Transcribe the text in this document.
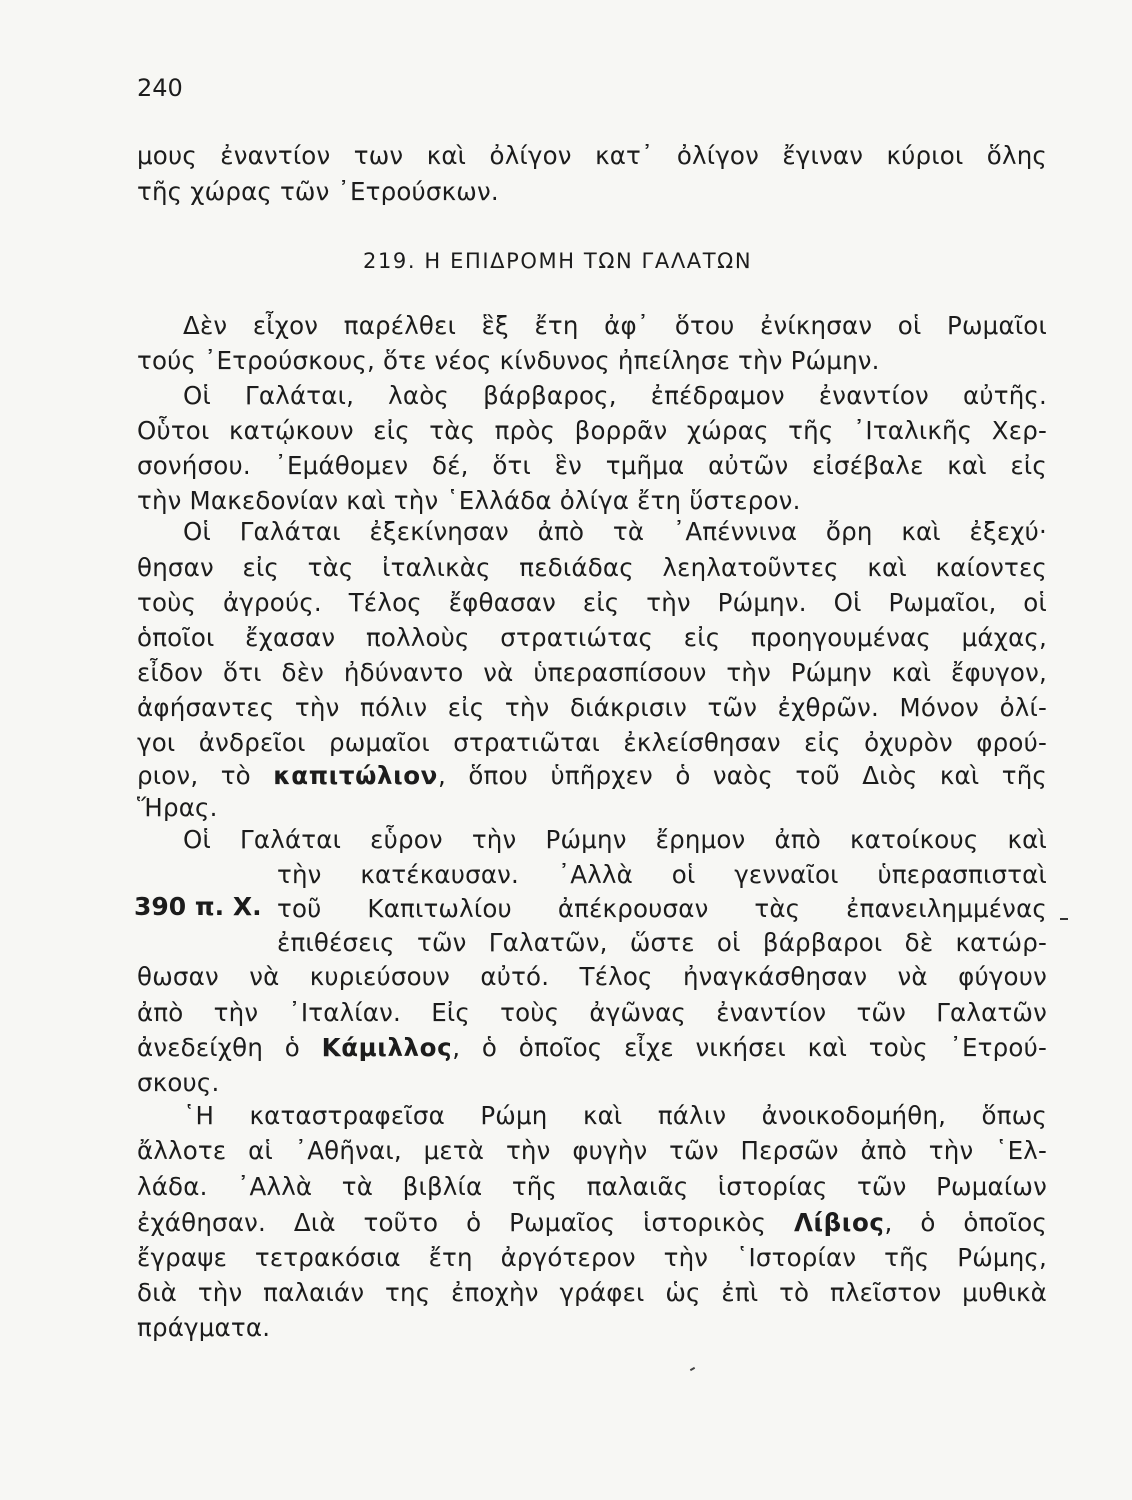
240
μους ἐναντίον των καὶ ὀλίγον κατ᾽ ὀλίγον ἔγιναν κύριοι ὅλης
τῆς χώρας τῶν ᾿Ετρούσκων.
219. Η ΕΠΙΔΡΟΜΗ ΤΩΝ ΓΑΛΑΤΩΝ
Δὲν εἶχον παρέλθει ἓξ ἔτη ἀφ᾽ ὅτου ἐνίκησαν οἱ Ρωμαῖοι
τούς ᾿Ετρούσκους, ὅτε νέος κίνδυνος ἠπείλησε τὴν Ρώμην.
Οἱ Γαλάται, λαὸς βάρβαρος, ἐπέδραμον ἐναντίον αὐτῆς.
Οὗτοι κατῴκουν εἰς τὰς πρὸς βορρᾶν χώρας τῆς ᾿Ιταλικῆς Χερ-
σονήσου. ᾿Εμάθομεν δέ, ὅτι ἓν τμῆμα αὐτῶν εἰσέβαλε καὶ εἰς
τὴν Μακεδονίαν καὶ τὴν ῾Ελλάδα ὀλίγα ἔτη ὕστερον.
Οἱ Γαλάται ἐξεκίνησαν ἀπὸ τὰ ᾿Απέννινα ὄρη καὶ ἐξεχύ·
θησαν εἰς τὰς ἰταλικὰς πεδιάδας λεηλατοῦντες καὶ καίοντες
τοὺς ἀγρούς. Τέλος ἔφθασαν εἰς τὴν Ρώμην. Οἱ Ρωμαῖοι, οἱ
ὁποῖοι ἔχασαν πολλοὺς στρατιώτας εἰς προηγουμένας μάχας,
εἶδον ὅτι δὲν ἠδύναντο νὰ ὑπερασπίσουν τὴν Ρώμην καὶ ἔφυγον,
ἀφήσαντες τὴν πόλιν εἰς τὴν διάκρισιν τῶν ἐχθρῶν. Μόνον ὀλί-
γοι ἀνδρεῖοι ρωμαῖοι στρατιῶται ἐκλείσθησαν εἰς ὀχυρὸν φρού-
ριον, τὸ καπιτώλιον, ὅπου ὑπῆρχεν ὁ ναὸς τοῦ Διὸς καὶ τῆς
Ἥρας.
Οἱ Γαλάται εὗρον τὴν Ρώμην ἔρημον ἀπὸ κατοίκους καὶ
τὴν κατέκαυσαν. ᾿Αλλὰ οἱ γενναῖοι ὑπερασπισταὶ
390 π. Χ. τοῦ Καπιτωλίου ἀπέκρουσαν τὰς ἐπανειλημμένας
ἐπιθέσεις τῶν Γαλατῶν, ὥστε οἱ βάρβαροι δὲ κατώρ-
θωσαν νὰ κυριεύσουν αὐτό. Τέλος ἠναγκάσθησαν νὰ φύγουν
ἀπὸ τὴν ᾿Ιταλίαν. Εἰς τοὺς ἀγῶνας ἐναντίον τῶν Γαλατῶν
ἀνεδείχθη ὁ Κάμιλλος, ὁ ὁποῖος εἶχε νικήσει καὶ τοὺς ᾿Ετρού-
σκους.
῾Η καταστραφεῖσα Ρώμη καὶ πάλιν ἀνοικοδομήθη, ὅπως
ἄλλοτε αἱ ᾿Αθῆναι, μετὰ τὴν φυγὴν τῶν Περσῶν ἀπὸ τὴν ῾Ελ-
λάδα. ᾿Αλλὰ τὰ βιβλία τῆς παλαιᾶς ἱστορίας τῶν Ρωμαίων
ἐχάθησαν. Διὰ τοῦτο ὁ Ρωμαῖος ἱστορικὸς Λίβιος, ὁ ὁποῖος
ἔγραψε τετρακόσια ἔτη ἀργότερον τὴν ῾Ιστορίαν τῆς Ρώμης,
διὰ τὴν παλαιάν της ἐποχὴν γράφει ὡς ἐπὶ τὸ πλεῖστον μυθικὰ
πράγματα.
